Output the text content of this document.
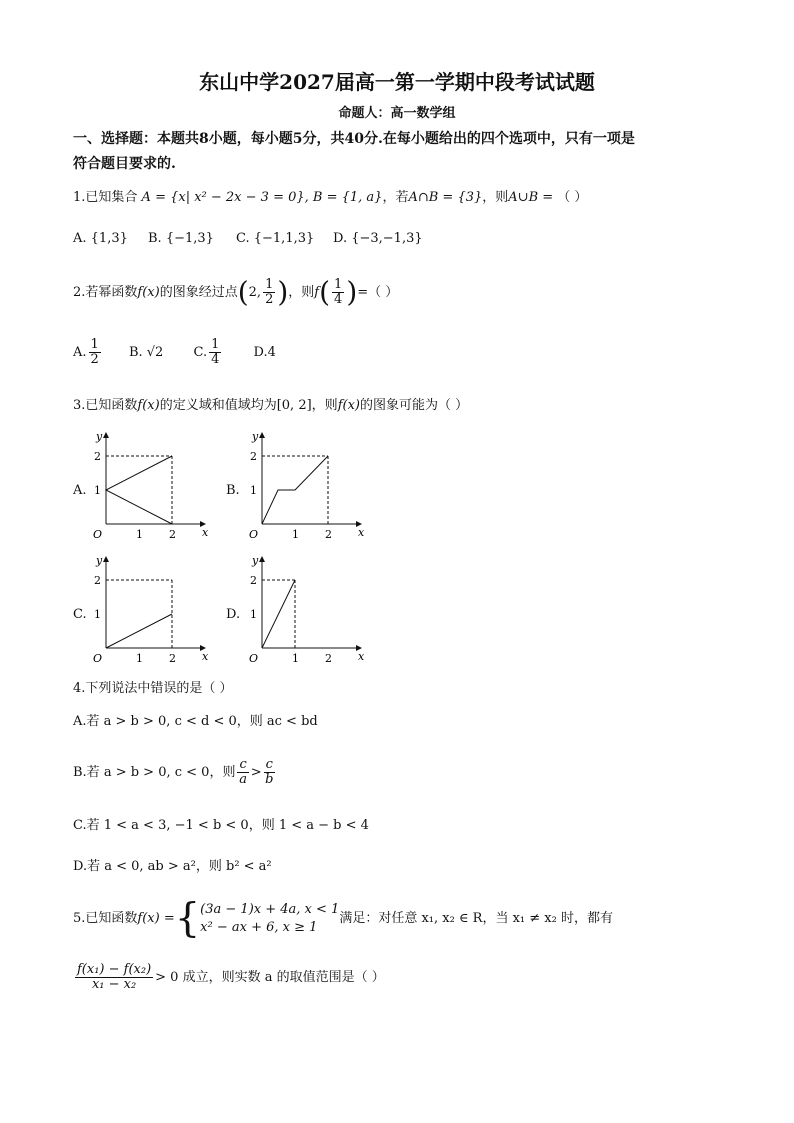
东山中学2027届高一第一学期中段考试试题
命题人：高一数学组
一、选择题：本题共8小题，每小题5分，共40分.在每小题给出的四个选项中，只有一项是
符合题目要求的.
1.已知集合 A = {x| x² − 2x − 3 = 0}, B = {1, a}，若A∩B = {3}，则A∪B = （ ）
A. {1,3} B. {−1,3} C. {−1,1,3} D. {−3,−1,3}
2.若幂函数f(x)的图象经过点(2, $\frac{1}{2}$ )，则$f( \frac{1}{4}$ )=（ ）
A. $\frac{1}{2} B$. √2 C. $\frac{1}{4} D.4$
3.已知函数f(x)的定义域和值域均为[0, 2]，则f(x)的图象可能为（ ）
A.	B.
C.	D.
y
x
O
2
1
1 2
y
x
O
2
1
1 2
y
x
O
2
1
1 2
y
x
O
2
1
1 2
4.下列说法中错误的是（ ）
A.若 a > b > 0, c < d < 0，则 ac < bd
B.若 a > b > 0, c < 0，则 $\frac{c}{a} > \frac{c}{b}$
C.若 1 < a < 3, −1 < b < 0，则 1 < a − b < 4
D.若 a < 0, ab > a²，则 b² < a²
5.已知函数f(x) ={ (3a − 1)x + 4a, x < 1
x² − ax + 6, x ≥ 1
满足：对任意 x₁, x₂ ∈ R，当 x₁ ≠ x₂ 时，都有
$\frac{\text{f(x₁) − f(x₂)}}{\text{x₁ − x₂}} > 0$ 成立，则实数 a 的取值范围是（ ）
